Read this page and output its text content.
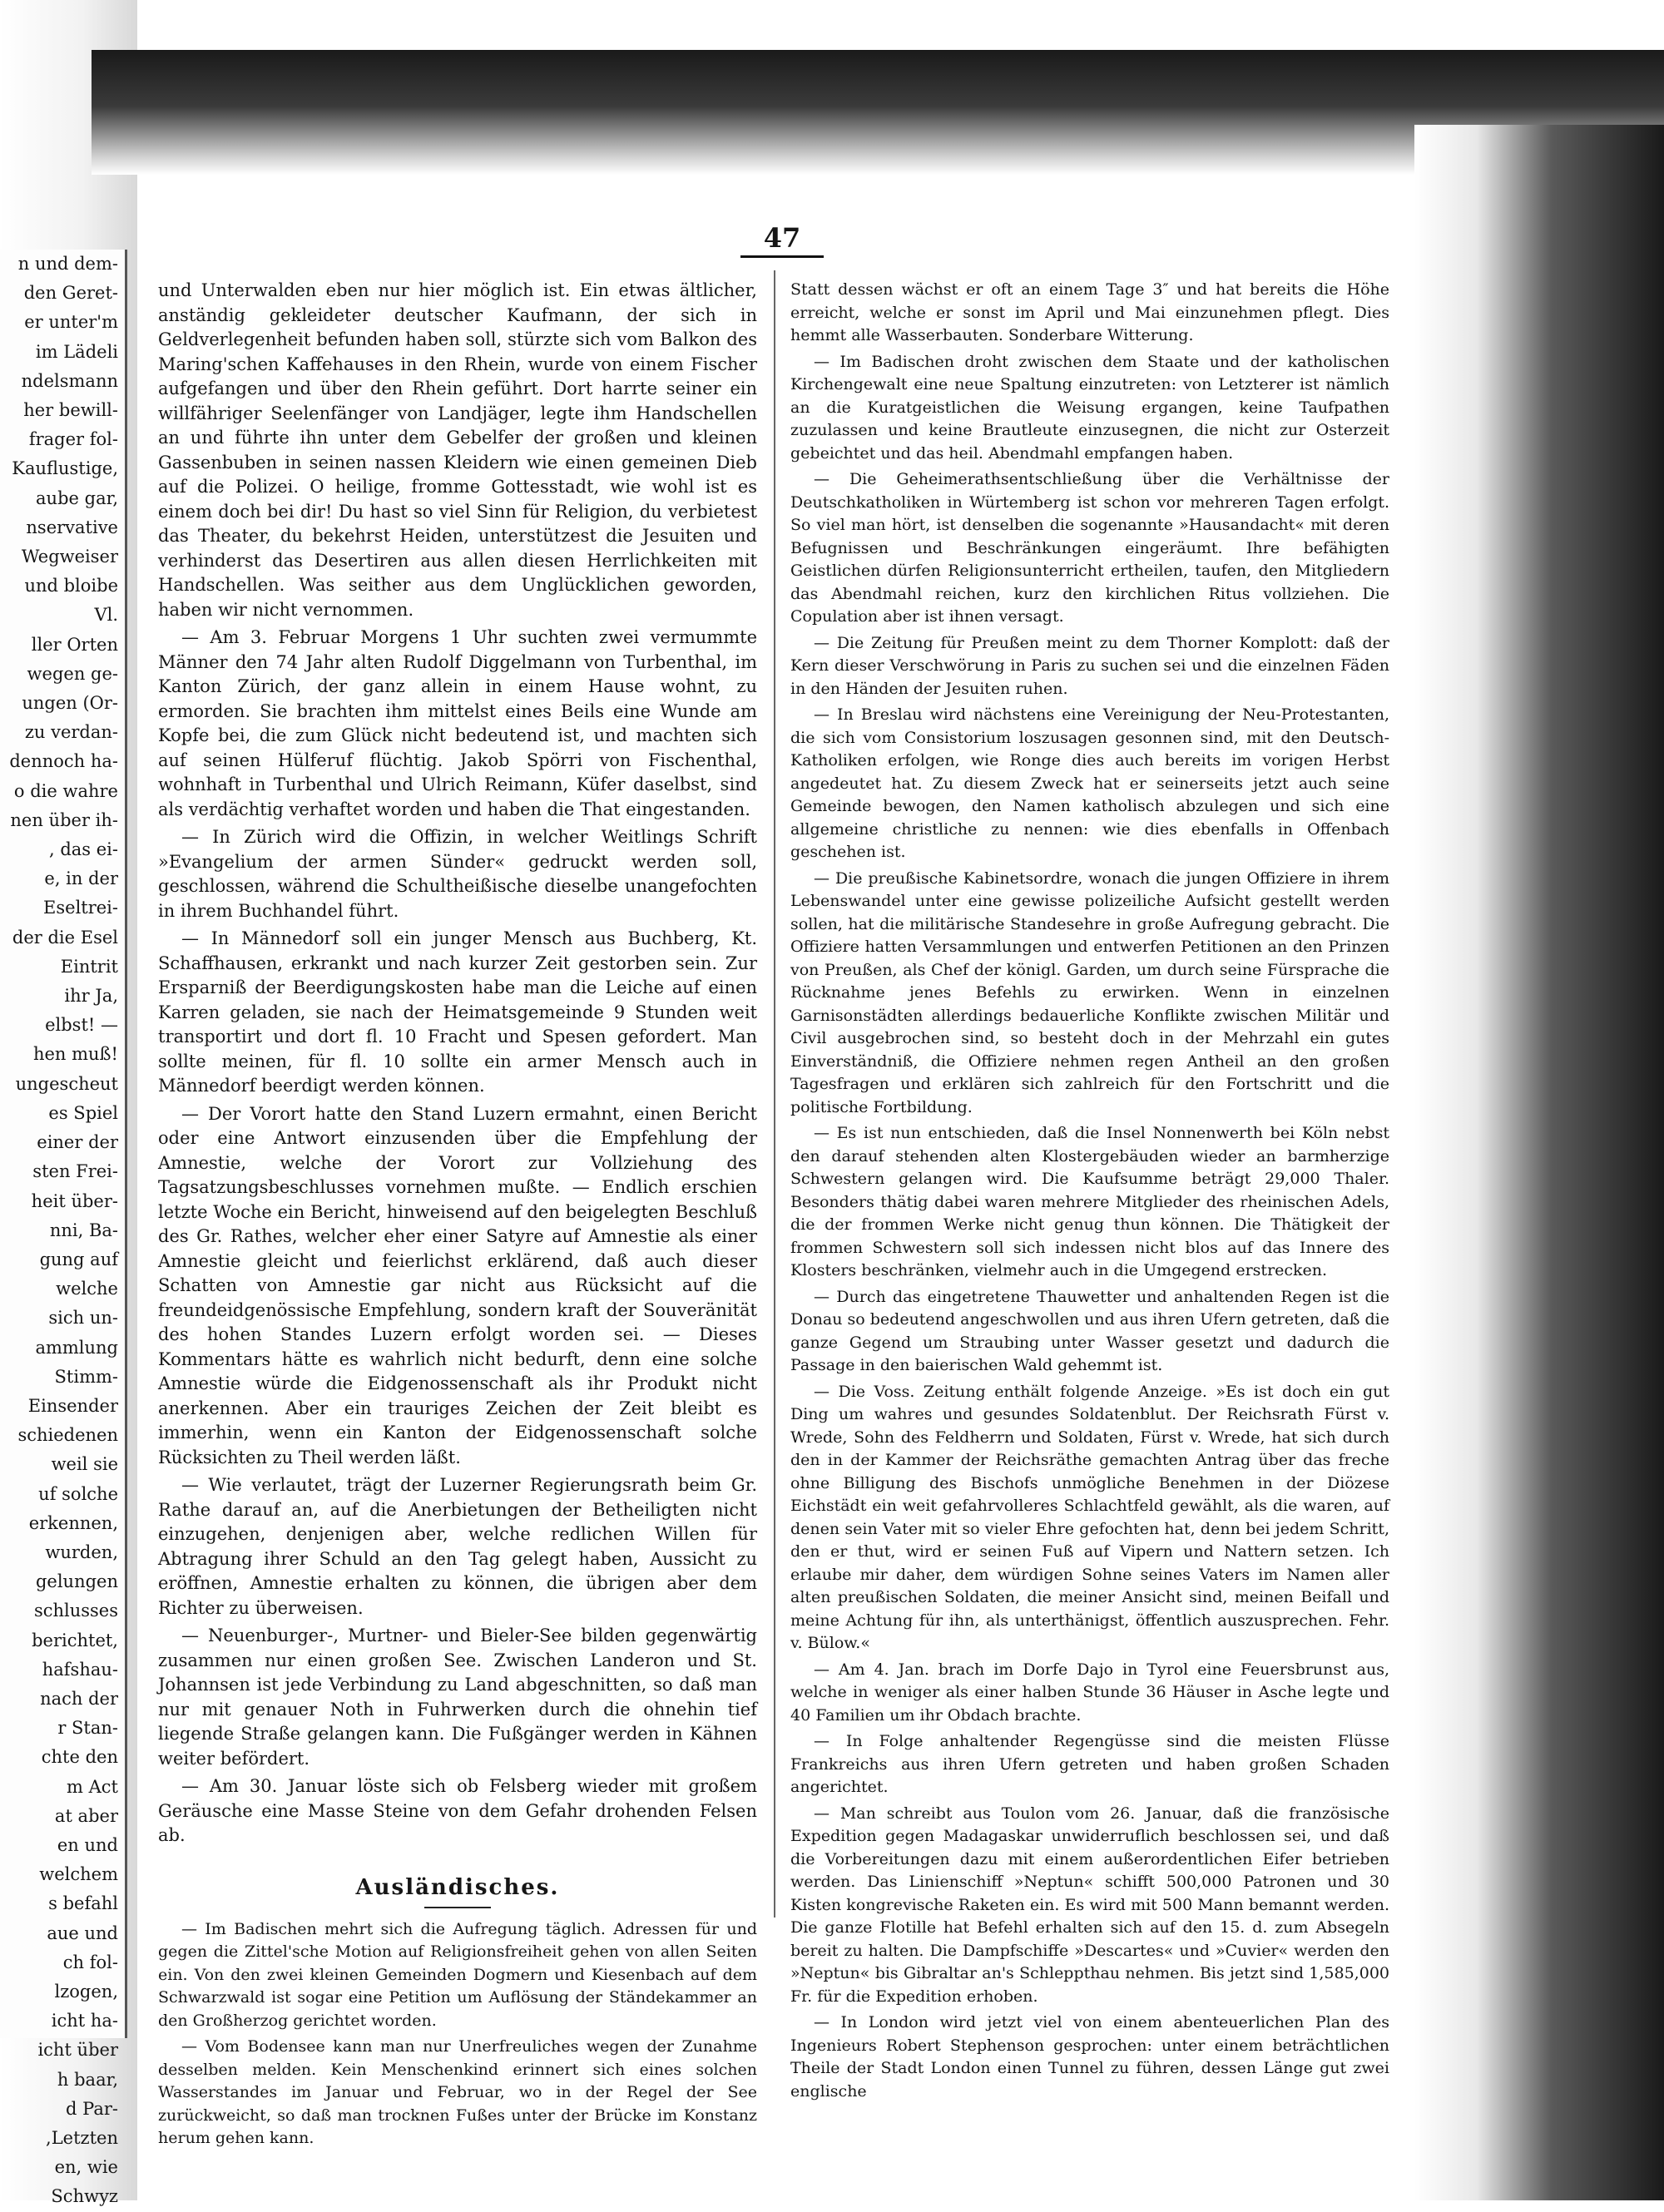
n und dem-
den Geret-
er unter'm
im Lädeli
ndelsmann
her bewill-
frager fol-
Kauflustige,
aube gar,
nservative
Wegweiser
und bloibe
Vl.
ller Orten
wegen ge-
ungen (Or-
zu verdan-
dennoch ha-
o die wahre
nen über ih-
, das ei-
e, in der
Eseltrei-
der die Esel
Eintrit
ihr Ja,
elbst! —
hen muß!
ungescheut
es Spiel
einer der
sten Frei-
heit über-
nni, Ba-
gung auf
welche
sich un-
ammlung
Stimm-
Einsender
schiedenen
weil sie
uf solche
erkennen,
wurden,
gelungen
schlusses
berichtet,
hafshau-
nach der
r Stan-
chte den
m Act
at aber
en und
welchem
s befahl
aue und
ch fol-
lzogen,
icht ha-
icht über
h baar,
d Par-
,Letzten
en, wie
Schwyz
47

und Unterwalden eben nur hier möglich ist. Ein etwas ältlicher, anständig gekleideter deutscher Kaufmann, der sich in Geldverlegenheit befunden haben soll, stürzte sich vom Balkon des Maring'schen Kaffehauses in den Rhein, wurde von einem Fischer aufgefangen und über den Rhein geführt. Dort harrte seiner ein willfähriger Seelenfänger von Landjäger, legte ihm Handschellen an und führte ihn unter dem Gebelfer der großen und kleinen Gassenbuben in seinen nassen Kleidern wie einen gemeinen Dieb auf die Polizei. O heilige, fromme Gottesstadt, wie wohl ist es einem doch bei dir! Du hast so viel Sinn für Religion, du verbietest das Theater, du bekehrst Heiden, unterstützest die Jesuiten und verhinderst das Desertiren aus allen diesen Herrlichkeiten mit Handschellen. Was seither aus dem Unglücklichen geworden, haben wir nicht vernommen.

— Am 3. Februar Morgens 1 Uhr suchten zwei vermummte Männer den 74 Jahr alten Rudolf Diggelmann von Turbenthal, im Kanton Zürich, der ganz allein in einem Hause wohnt, zu ermorden. Sie brachten ihm mittelst eines Beils eine Wunde am Kopfe bei, die zum Glück nicht bedeutend ist, und machten sich auf seinen Hülferuf flüchtig. Jakob Spörri von Fischenthal, wohnhaft in Turbenthal und Ulrich Reimann, Küfer daselbst, sind als verdächtig verhaftet worden und haben die That eingestanden.

— In Zürich wird die Offizin, in welcher Weitlings Schrift »Evangelium der armen Sünder« gedruckt werden soll, geschlossen, während die Schultheißische dieselbe unangefochten in ihrem Buchhandel führt.

— In Männedorf soll ein junger Mensch aus Buchberg, Kt. Schaffhausen, erkrankt und nach kurzer Zeit gestorben sein. Zur Ersparniß der Beerdigungskosten habe man die Leiche auf einen Karren geladen, sie nach der Heimatsgemeinde 9 Stunden weit transportirt und dort fl. 10 Fracht und Spesen gefordert. Man sollte meinen, für fl. 10 sollte ein armer Mensch auch in Männedorf beerdigt werden können.

— Der Vorort hatte den Stand Luzern ermahnt, einen Bericht oder eine Antwort einzusenden über die Empfehlung der Amnestie, welche der Vorort zur Vollziehung des Tagsatzungsbeschlusses vornehmen mußte. — Endlich erschien letzte Woche ein Bericht, hinweisend auf den beigelegten Beschluß des Gr. Rathes, welcher eher einer Satyre auf Amnestie als einer Amnestie gleicht und feierlichst erklärend, daß auch dieser Schatten von Amnestie gar nicht aus Rücksicht auf die freundeidgenössische Empfehlung, sondern kraft der Souveränität des hohen Standes Luzern erfolgt worden sei. — Dieses Kommentars hätte es wahrlich nicht bedurft, denn eine solche Amnestie würde die Eidgenossenschaft als ihr Produkt nicht anerkennen. Aber ein trauriges Zeichen der Zeit bleibt es immerhin, wenn ein Kanton der Eidgenossenschaft solche Rücksichten zu Theil werden läßt.

— Wie verlautet, trägt der Luzerner Regierungsrath beim Gr. Rathe darauf an, auf die Anerbietungen der Betheiligten nicht einzugehen, denjenigen aber, welche redlichen Willen für Abtragung ihrer Schuld an den Tag gelegt haben, Aussicht zu eröffnen, Amnestie erhalten zu können, die übrigen aber dem Richter zu überweisen.

— Neuenburger-, Murtner- und Bieler-See bilden gegenwärtig zusammen nur einen großen See. Zwischen Landeron und St. Johannsen ist jede Verbindung zu Land abgeschnitten, so daß man nur mit genauer Noth in Fuhrwerken durch die ohnehin tief liegende Straße gelangen kann. Die Fußgänger werden in Kähnen weiter befördert.

— Am 30. Januar löste sich ob Felsberg wieder mit großem Geräusche eine Masse Steine von dem Gefahr drohenden Felsen ab.

Ausländisches.

— Im Badischen mehrt sich die Aufregung täglich. Adressen für und gegen die Zittel'sche Motion auf Religionsfreiheit gehen von allen Seiten ein. Von den zwei kleinen Gemeinden Dogmern und Kiesenbach auf dem Schwarzwald ist sogar eine Petition um Auflösung der Ständekammer an den Großherzog gerichtet worden.

— Vom Bodensee kann man nur Unerfreuliches wegen der Zunahme desselben melden. Kein Menschenkind erinnert sich eines solchen Wasserstandes im Januar und Februar, wo in der Regel der See zurückweicht, so daß man trocknen Fußes unter der Brücke im Konstanz herum gehen kann.

Statt dessen wächst er oft an einem Tage 3″ und hat bereits die Höhe erreicht, welche er sonst im April und Mai einzunehmen pflegt. Dies hemmt alle Wasserbauten. Sonderbare Witterung.

— Im Badischen droht zwischen dem Staate und der katholischen Kirchengewalt eine neue Spaltung einzutreten: von Letzterer ist nämlich an die Kuratgeistlichen die Weisung ergangen, keine Taufpathen zuzulassen und keine Brautleute einzusegnen, die nicht zur Osterzeit gebeichtet und das heil. Abendmahl empfangen haben.

— Die Geheimerathsentschließung über die Verhältnisse der Deutschkatholiken in Würtemberg ist schon vor mehreren Tagen erfolgt. So viel man hört, ist denselben die sogenannte »Hausandacht« mit deren Befugnissen und Beschränkungen eingeräumt. Ihre befähigten Geistlichen dürfen Religionsunterricht ertheilen, taufen, den Mitgliedern das Abendmahl reichen, kurz den kirchlichen Ritus vollziehen. Die Copulation aber ist ihnen versagt.

— Die Zeitung für Preußen meint zu dem Thorner Komplott: daß der Kern dieser Verschwörung in Paris zu suchen sei und die einzelnen Fäden in den Händen der Jesuiten ruhen.

— In Breslau wird nächstens eine Vereinigung der Neu-Protestanten, die sich vom Consistorium loszusagen gesonnen sind, mit den Deutsch-Katholiken erfolgen, wie Ronge dies auch bereits im vorigen Herbst angedeutet hat. Zu diesem Zweck hat er seinerseits jetzt auch seine Gemeinde bewogen, den Namen katholisch abzulegen und sich eine allgemeine christliche zu nennen: wie dies ebenfalls in Offenbach geschehen ist.

— Die preußische Kabinetsordre, wonach die jungen Offiziere in ihrem Lebenswandel unter eine gewisse polizeiliche Aufsicht gestellt werden sollen, hat die militärische Standesehre in große Aufregung gebracht. Die Offiziere hatten Versammlungen und entwerfen Petitionen an den Prinzen von Preußen, als Chef der königl. Garden, um durch seine Fürsprache die Rücknahme jenes Befehls zu erwirken. Wenn in einzelnen Garnisonstädten allerdings bedauerliche Konflikte zwischen Militär und Civil ausgebrochen sind, so besteht doch in der Mehrzahl ein gutes Einverständniß, die Offiziere nehmen regen Antheil an den großen Tagesfragen und erklären sich zahlreich für den Fortschritt und die politische Fortbildung.

— Es ist nun entschieden, daß die Insel Nonnenwerth bei Köln nebst den darauf stehenden alten Klostergebäuden wieder an barmherzige Schwestern gelangen wird. Die Kaufsumme beträgt 29,000 Thaler. Besonders thätig dabei waren mehrere Mitglieder des rheinischen Adels, die der frommen Werke nicht genug thun können. Die Thätigkeit der frommen Schwestern soll sich indessen nicht blos auf das Innere des Klosters beschränken, vielmehr auch in die Umgegend erstrecken.

— Durch das eingetretene Thauwetter und anhaltenden Regen ist die Donau so bedeutend angeschwollen und aus ihren Ufern getreten, daß die ganze Gegend um Straubing unter Wasser gesetzt und dadurch die Passage in den baierischen Wald gehemmt ist.

— Die Voss. Zeitung enthält folgende Anzeige. »Es ist doch ein gut Ding um wahres und gesundes Soldatenblut. Der Reichsrath Fürst v. Wrede, Sohn des Feldherrn und Soldaten, Fürst v. Wrede, hat sich durch den in der Kammer der Reichsräthe gemachten Antrag über das freche ohne Billigung des Bischofs unmögliche Benehmen in der Diözese Eichstädt ein weit gefahrvolleres Schlachtfeld gewählt, als die waren, auf denen sein Vater mit so vieler Ehre gefochten hat, denn bei jedem Schritt, den er thut, wird er seinen Fuß auf Vipern und Nattern setzen. Ich erlaube mir daher, dem würdigen Sohne seines Vaters im Namen aller alten preußischen Soldaten, die meiner Ansicht sind, meinen Beifall und meine Achtung für ihn, als unterthänigst, öffentlich auszusprechen. Fehr. v. Bülow.«

— Am 4. Jan. brach im Dorfe Dajo in Tyrol eine Feuersbrunst aus, welche in weniger als einer halben Stunde 36 Häuser in Asche legte und 40 Familien um ihr Obdach brachte.

— In Folge anhaltender Regengüsse sind die meisten Flüsse Frankreichs aus ihren Ufern getreten und haben großen Schaden angerichtet.

— Man schreibt aus Toulon vom 26. Januar, daß die französische Expedition gegen Madagaskar unwiderruflich beschlossen sei, und daß die Vorbereitungen dazu mit einem außerordentlichen Eifer betrieben werden. Das Linienschiff »Neptun« schifft 500,000 Patronen und 30 Kisten kongrevische Raketen ein. Es wird mit 500 Mann bemannt werden. Die ganze Flotille hat Befehl erhalten sich auf den 15. d. zum Absegeln bereit zu halten. Die Dampfschiffe »Descartes« und »Cuvier« werden den »Neptun« bis Gibraltar an's Schleppthau nehmen. Bis jetzt sind 1,585,000 Fr. für die Expedition erhoben.

— In London wird jetzt viel von einem abenteuerlichen Plan des Ingenieurs Robert Stephenson gesprochen: unter einem beträchtlichen Theile der Stadt London einen Tunnel zu führen, dessen Länge gut zwei englische
